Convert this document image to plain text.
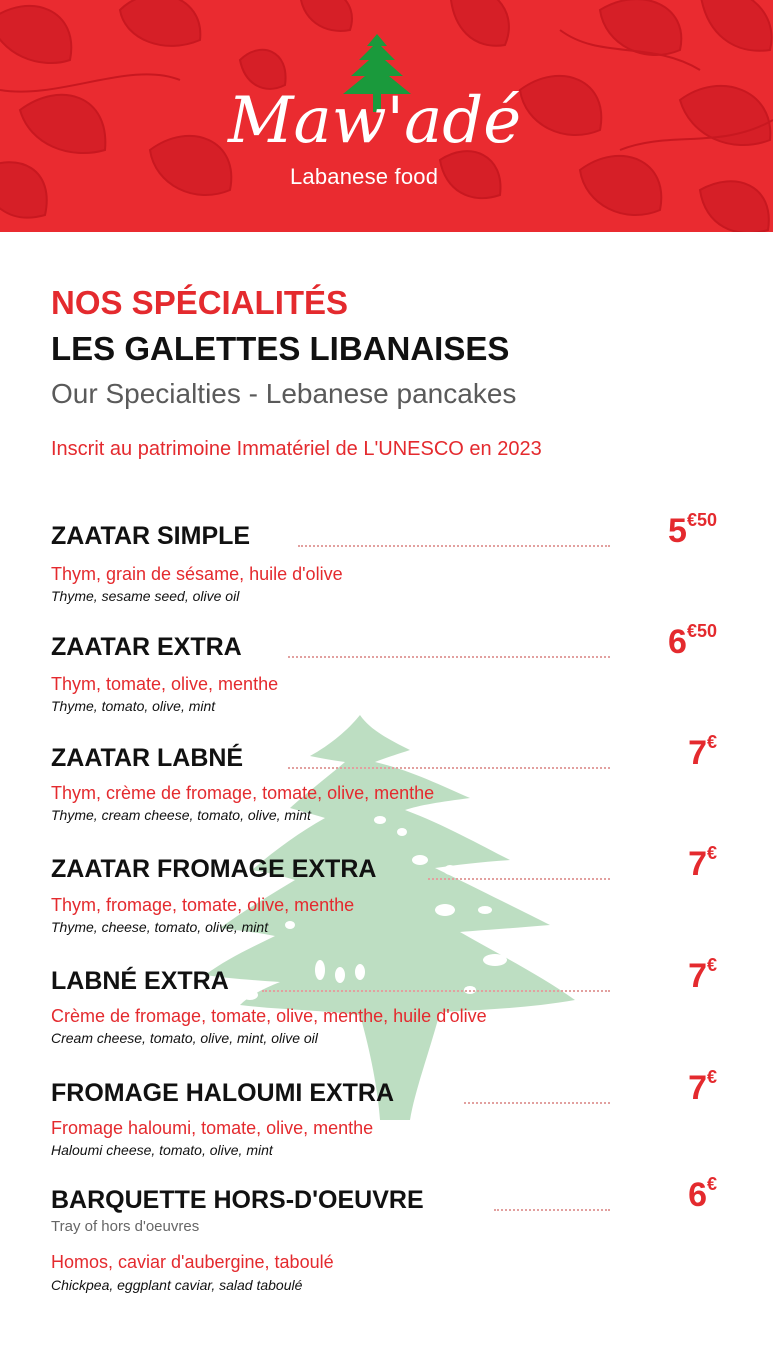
Maw'adé
Labanese food
NOS SPÉCIALITÉS
LES GALETTES LIBANAISES
Our Specialties - Lebanese pancakes
Inscrit au patrimoine Immatériel de L'UNESCO en 2023
ZAATAR SIMPLE	$5^{€50}$
Thym, grain de sésame, huile d'olive
Thyme, sesame seed, olive oil
ZAATAR EXTRA	$6^{€50}$
Thym, tomate, olive, menthe
Thyme, tomato, olive, mint
ZAATAR LABNÉ	7€
Thym, crème de fromage, tomate, olive, menthe
Thyme, cream cheese, tomato, olive, mint
ZAATAR FROMAGE EXTRA	7€
Thym, fromage, tomate, olive, menthe
Thyme, cheese, tomato, olive, mint
LABNÉ EXTRA	7€
Crème de fromage, tomate, olive, menthe, huile d'olive
Cream cheese, tomato, olive, mint, olive oil
FROMAGE HALOUMI EXTRA	7€
Fromage haloumi, tomate, olive, menthe
Haloumi cheese, tomato, olive, mint
BARQUETTE HORS-D'OEUVRE	6€
Tray of hors d'oeuvres
Homos, caviar d'aubergine, taboulé
Chickpea, eggplant caviar, salad taboulé
